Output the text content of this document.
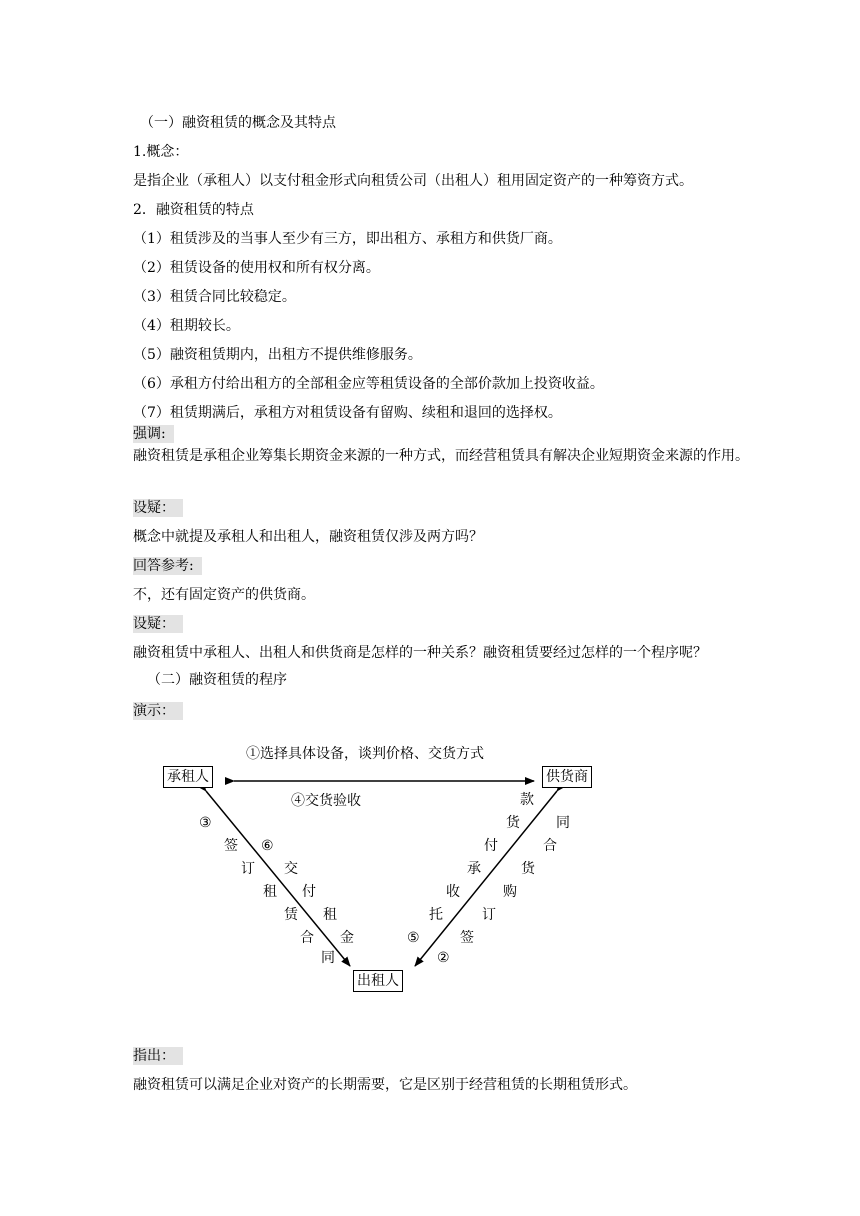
（一）融资租赁的概念及其特点
1.概念：
是指企业（承租人）以支付租金形式向租赁公司（出租人）租用固定资产的一种筹资方式。
2．融资租赁的特点
（1）租赁涉及的当事人至少有三方，即出租方、承租方和供货厂商。
（2）租赁设备的使用权和所有权分离。
（3）租赁合同比较稳定。
（4）租期较长。
（5）融资租赁期内，出租方不提供维修服务。
（6）承租方付给出租方的全部租金应等租赁设备的全部价款加上投资收益。
（7）租赁期满后，承租方对租赁设备有留购、续租和退回的选择权。
强调:
融资租赁是承租企业筹集长期资金来源的一种方式，而经营租赁具有解决企业短期资金来源的作用。
设疑：
概念中就提及承租人和出租人，融资租赁仅涉及两方吗？
回答参考:
不，还有固定资产的供货商。
设疑：
融资租赁中承租人、出租人和供货商是怎样的一种关系？融资租赁要经过怎样的一个程序呢？
（二）融资租赁的程序
演示：
承租人	供货商
出租人
①选择具体设备，谈判价格、交货方式
④交货验收
③
签
订
租
赁
合
同
⑥
交
付
租
金
款
货
付
承
收
托
⑤
同
合
货
购
订
签
②
指出：
融资租赁可以满足企业对资产的长期需要，它是区别于经营租赁的长期租赁形式。
